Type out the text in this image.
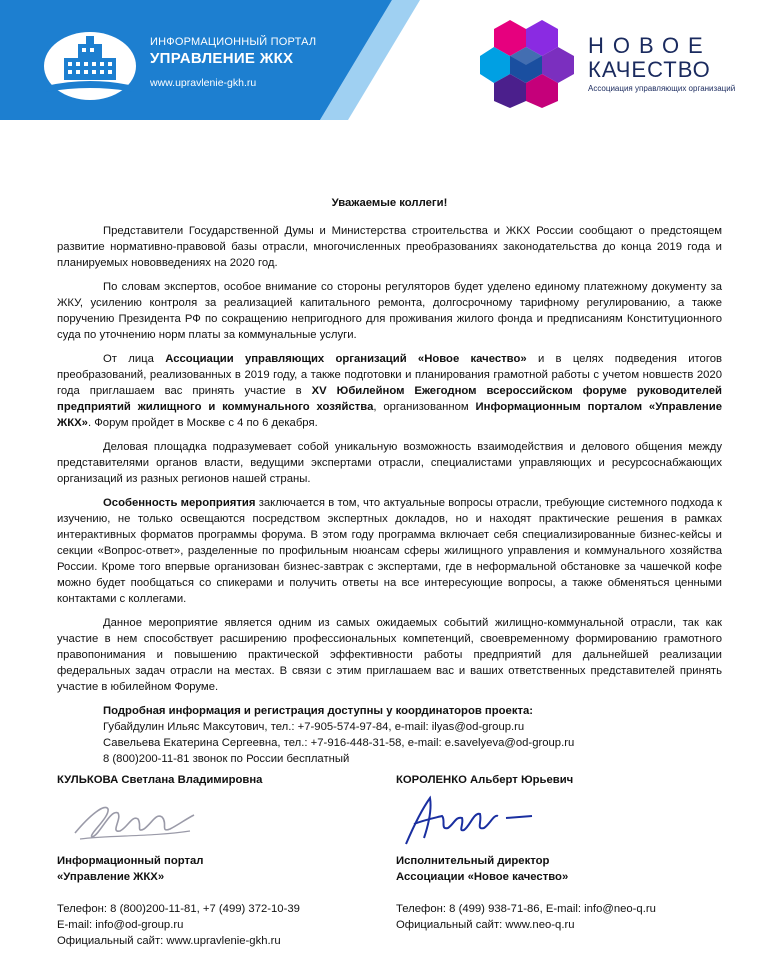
ИНФОРМАЦИОННЫЙ ПОРТАЛ
УПРАВЛЕНИЕ ЖКХ
www.upravlenie-gkh.ru
НОВОЕ
КАЧЕСТВО
Ассоциация управляющих организаций
Уважаемые коллеги!

Представители Государственной Думы и Министерства строительства и ЖКХ России сообщают о предстоящем развитие нормативно-правовой базы отрасли, многочисленных преобразованиях законодательства до конца 2019 года и планируемых нововведениях на 2020 год.

По словам экспертов, особое внимание со стороны регуляторов будет уделено единому платежному документу за ЖКУ, усилению контроля за реализацией капитального ремонта, долгосрочному тарифному регулированию, а также поручению Президента РФ по сокращению непригодного для проживания жилого фонда и предписаниям Конституционного суда по уточнению норм платы за коммунальные услуги.

От лица Ассоциации управляющих организаций «Новое качество» и в целях подведения итогов преобразований, реализованных в 2019 году, а также подготовки и планирования грамотной работы с учетом новшеств 2020 года приглашаем вас принять участие в XV Юбилейном Ежегодном всероссийском форуме руководителей предприятий жилищного и коммунального хозяйства, организованном Информационным порталом «Управление ЖКХ». Форум пройдет в Москве с 4 по 6 декабря.

Деловая площадка подразумевает собой уникальную возможность взаимодействия и делового общения между представителями органов власти, ведущими экспертами отрасли, специалистами управляющих и ресурсоснабжающих организаций из разных регионов нашей страны.

Особенность мероприятия заключается в том, что актуальные вопросы отрасли, требующие системного подхода к изучению, не только освещаются посредством экспертных докладов, но и находят практические решения в рамках интерактивных форматов программы форума. В этом году программа включает себя специализированные бизнес-кейсы и секции «Вопрос-ответ», разделенные по профильным нюансам сферы жилищного управления и коммунального хозяйства России. Кроме того впервые организован бизнес-завтрак с экспертами, где в неформальной обстановке за чашечкой кофе можно будет пообщаться со спикерами и получить ответы на все интересующие вопросы, а также обменяться ценными контактами с коллегами.

Данное мероприятие является одним из самых ожидаемых событий жилищно-коммунальной отрасли, так как участие в нем способствует расширению профессиональных компетенций, своевременному формированию грамотного правопонимания и повышению практической эффективности работы предприятий для дальнейшей реализации федеральных задач отрасли на местах. В связи с этим приглашаем вас и ваших ответственных представителей принять участие в юбилейном Форуме.

Подробная информация и регистрация доступны у координаторов проекта:
Губайдулин Ильяс Максутович, тел.: +7-905-574-97-84, e-mail: ilyas@od-group.ru
Савельева Екатерина Сергеевна, тел.: +7-916-448-31-58, e-mail: e.savelyeva@od-group.ru
8 (800)200-11-81 звонок по России бесплатный
КУЛЬКОВА Светлана Владимировна
Информационный портал
«Управление ЖКХ»
Телефон: 8 (800)200-11-81, +7 (499) 372-10-39
E-mail: info@od-group.ru
Официальный сайт: www.upravlenie-gkh.ru
КОРОЛЕНКО Альберт Юрьевич
Исполнительный директор
Ассоциации «Новое качество»
Телефон: 8 (499) 938-71-86, E-mail: info@neo-q.ru
Официальный сайт: www.neo-q.ru
